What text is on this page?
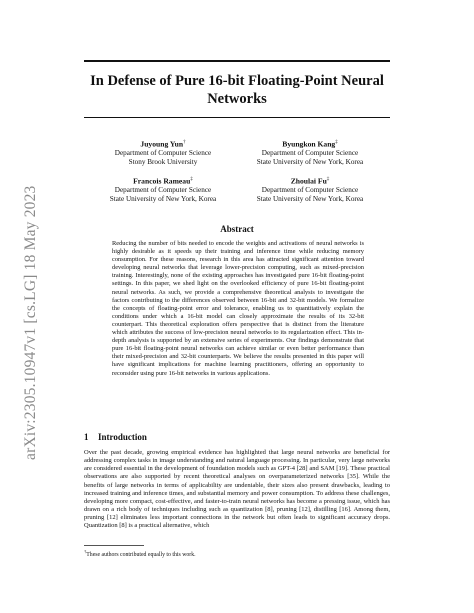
arXiv:2305.10947v1 [cs.LG] 18 May 2023
In Defense of Pure 16-bit Floating-Point Neural Networks
Juyoung Yun†
Department of Computer Science
Stony Brook University
Byungkon Kang‡
Department of Computer Science
State University of New York, Korea
Francois Rameau‡
Department of Computer Science
State University of New York, Korea
Zhoulai Fu‡
Department of Computer Science
State University of New York, Korea
Abstract

Reducing the number of bits needed to encode the weights and activations of neural networks is highly desirable as it speeds up their training and inference time while reducing memory consumption. For these reasons, research in this area has attracted significant attention toward developing neural networks that leverage lower-precision computing, such as mixed-precision training. Interestingly, none of the existing approaches has investigated pure 16-bit floating-point settings. In this paper, we shed light on the overlooked efficiency of pure 16-bit floating-point neural networks. As such, we provide a comprehensive theoretical analysis to investigate the factors contributing to the differences observed between 16-bit and 32-bit models. We formalize the concepts of floating-point error and tolerance, enabling us to quantitatively explain the conditions under which a 16-bit model can closely approximate the results of its 32-bit counterpart. This theoretical exploration offers perspective that is distinct from the literature which attributes the success of low-precision neural networks to its regularization effect. This in-depth analysis is supported by an extensive series of experiments. Our findings demonstrate that pure 16-bit floating-point neural networks can achieve similar or even better performance than their mixed-precision and 32-bit counterparts. We believe the results presented in this paper will have significant implications for machine learning practitioners, offering an opportunity to reconsider using pure 16-bit networks in various applications.

1 Introduction

Over the past decade, growing empirical evidence has highlighted that large neural networks are beneficial for addressing complex tasks in image understanding and natural language processing. In particular, very large networks are considered essential in the development of foundation models such as GPT-4 [28] and SAM [19]. These practical observations are also supported by recent theoretical analyses on overparameterized networks [35]. While the benefits of large networks in terms of applicability are undeniable, their sizes also present drawbacks, leading to increased training and inference times, and substantial memory and power consumption. To address these challenges, developing more compact, cost-effective, and faster-to-train neural networks has become a pressing issue, which has drawn on a rich body of techniques including such as quantization [8], pruning [12], distilling [16]. Among them, pruning [12] eliminates less important connections in the network but often leads to significant accuracy drops. Quantization [8] is a practical alternative, which

†These authors contributed equally to this work.
